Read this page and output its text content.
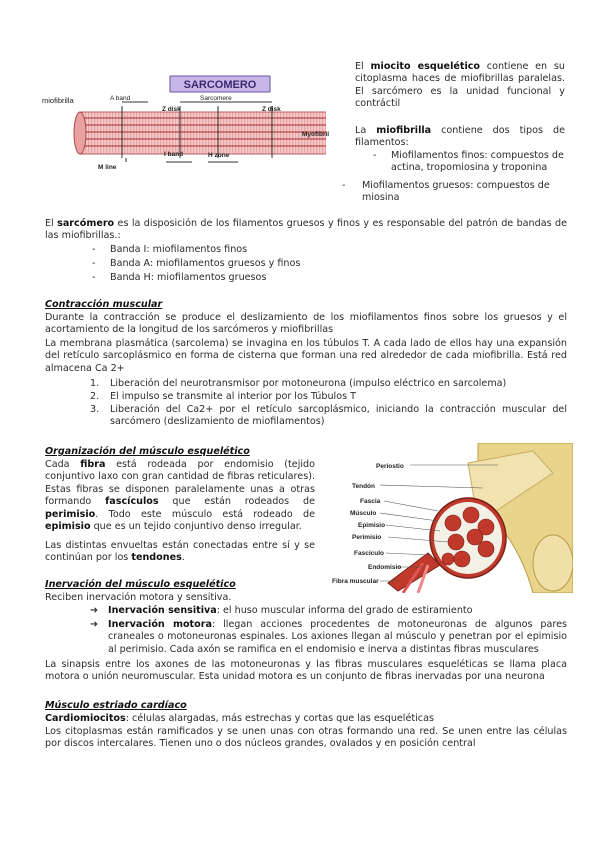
SARCOMERO
miofibrilla	A band
Z disk
Sarcomere
Z disk
Myofibril
M line
I band	H zone
El miocito esquelético contiene en su citoplasma haces de miofibrillas paralelas. El sarcómero es la unidad funcional y contráctil
La miofibrilla contiene dos tipos de filamentos:
- Miofilamentos finos: compuestos de actina, tropomiosina y troponina
- Miofilamentos gruesos: compuestos de miosina
El sarcómero es la disposición de los filamentos gruesos y finos y es responsable del patrón de bandas de las miofibrillas.:
- Banda I: miofilamentos finos
- Banda A: miofilamentos gruesos y finos
- Banda H: miofilamentos gruesos
Contracción muscular
Durante la contracción se produce el deslizamiento de los miofilamentos finos sobre los gruesos y el acortamiento de la longitud de los sarcómeros y miofibrillas
La membrana plasmática (sarcolema) se invagina en los túbulos T. A cada lado de ellos hay una expansión del retículo sarcoplásmico en forma de cisterna que forman una red alrededor de cada miofibrilla. Está red almacena Ca 2+
1. Liberación del neurotransmisor por motoneurona (impulso eléctrico en sarcolema)
2. El impulso se transmite al interior por los Túbulos T
3. Liberación del Ca2+ por el retículo sarcoplásmico, iniciando la contracción muscular del sarcómero (deslizamiento de miofilamentos)
Organización del músculo esquelético
Cada fibra está rodeada por endomisio (tejido conjuntivo laxo con gran cantidad de fibras reticulares). Estas fibras se disponen paralelamente unas a otras formando fascículos que están rodeados de perimisio. Todo este músculo está rodeado de epimisio que es un tejido conjuntivo denso irregular.
Las distintas envueltas están conectadas entre sí y se continúan por los tendones.
Periostio
Tendón
Fascia
Músculo
Epimisio
Perimisio
Fascículo
Endomisio
Fibra muscular
Inervación del músculo esquelético
Reciben inervación motora y sensitiva.
➔ Inervación sensitiva: el huso muscular informa del grado de estiramiento
➔ Inervación motora: llegan acciones procedentes de motoneuronas de algunos pares craneales o motoneuronas espinales. Los axiones llegan al músculo y penetran por el epimisio al perimisio. Cada axón se ramifica en el endomisio e inerva a distintas fibras musculares
La sinapsis entre los axones de las motoneuronas y las fibras musculares esqueléticas se llama placa motora o unión neuromuscular. Esta unidad motora es un conjunto de fibras inervadas por una neurona
Músculo estriado cardíaco
Cardiomiocitos: células alargadas, más estrechas y cortas que las esqueléticas
Los citoplasmas están ramificados y se unen unas con otras formando una red. Se unen entre las células por discos intercalares. Tienen uno o dos núcleos grandes, ovalados y en posición central
